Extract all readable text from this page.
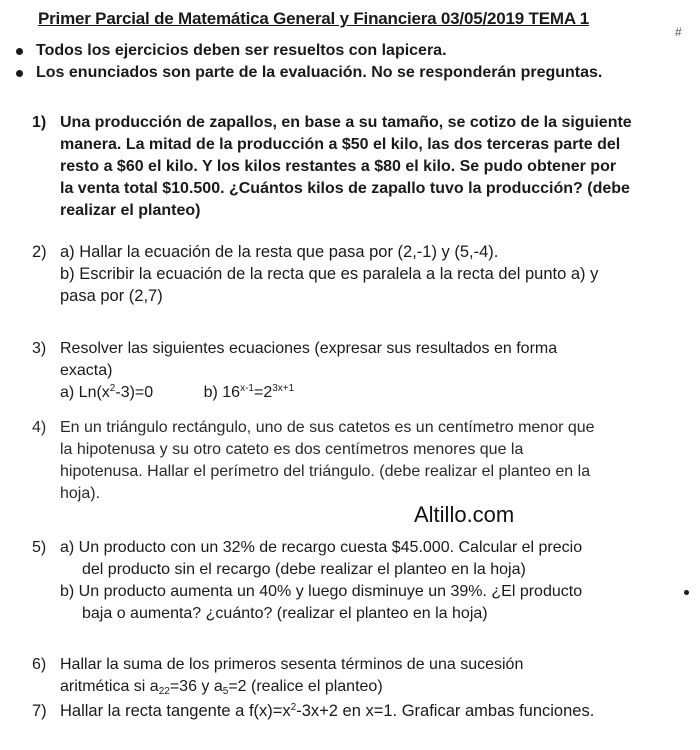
Primer Parcial de Matemática General y Financiera 03/05/2019 TEMA 1
#
Todos los ejercicios deben ser resueltos con lapicera.
Los enunciados son parte de la evaluación. No se responderán preguntas.
1) Una producción de zapallos, en base a su tamaño, se cotizo de la siguiente
manera. La mitad de la producción a $50 el kilo, las dos terceras parte del
resto a $60 el kilo. Y los kilos restantes a $80 el kilo. Se pudo obtener por
la venta total $10.500. ¿Cuántos kilos de zapallo tuvo la producción? (debe
realizar el planteo)
2) a) Hallar la ecuación de la resta que pasa por (2,-1) y (5,-4).
b) Escribir la ecuación de la recta que es paralela a la recta del punto a) y
pasa por (2,7)
3) Resolver las siguientes ecuaciones (expresar sus resultados en forma
exacta)
a) $Ln(x^2-3)=0$	b) $16^{x-1}=2^{3x+1}$
4) En un triángulo rectángulo, uno de sus catetos es un centímetro menor que
la hipotenusa y su otro cateto es dos centímetros menores que la
hipotenusa. Hallar el perímetro del triángulo. (debe realizar el planteo en la
hoja).
Altillo.com
5) a) Un producto con un 32% de recargo cuesta $45.000. Calcular el precio
del producto sin el recargo (debe realizar el planteo en la hoja)
b) Un producto aumenta un 40% y luego disminuye un 39%. ¿El producto
baja o aumenta? ¿cuánto? (realizar el planteo en la hoja)
6) Hallar la suma de los primeros sesenta términos de una sucesión
aritmética si $a_{22}=36$ y $a_5=2$ (realice el planteo)
7) Hallar la recta tangente a $f(x)=x^2-3x+2$ en x=1. Graficar ambas funciones.
